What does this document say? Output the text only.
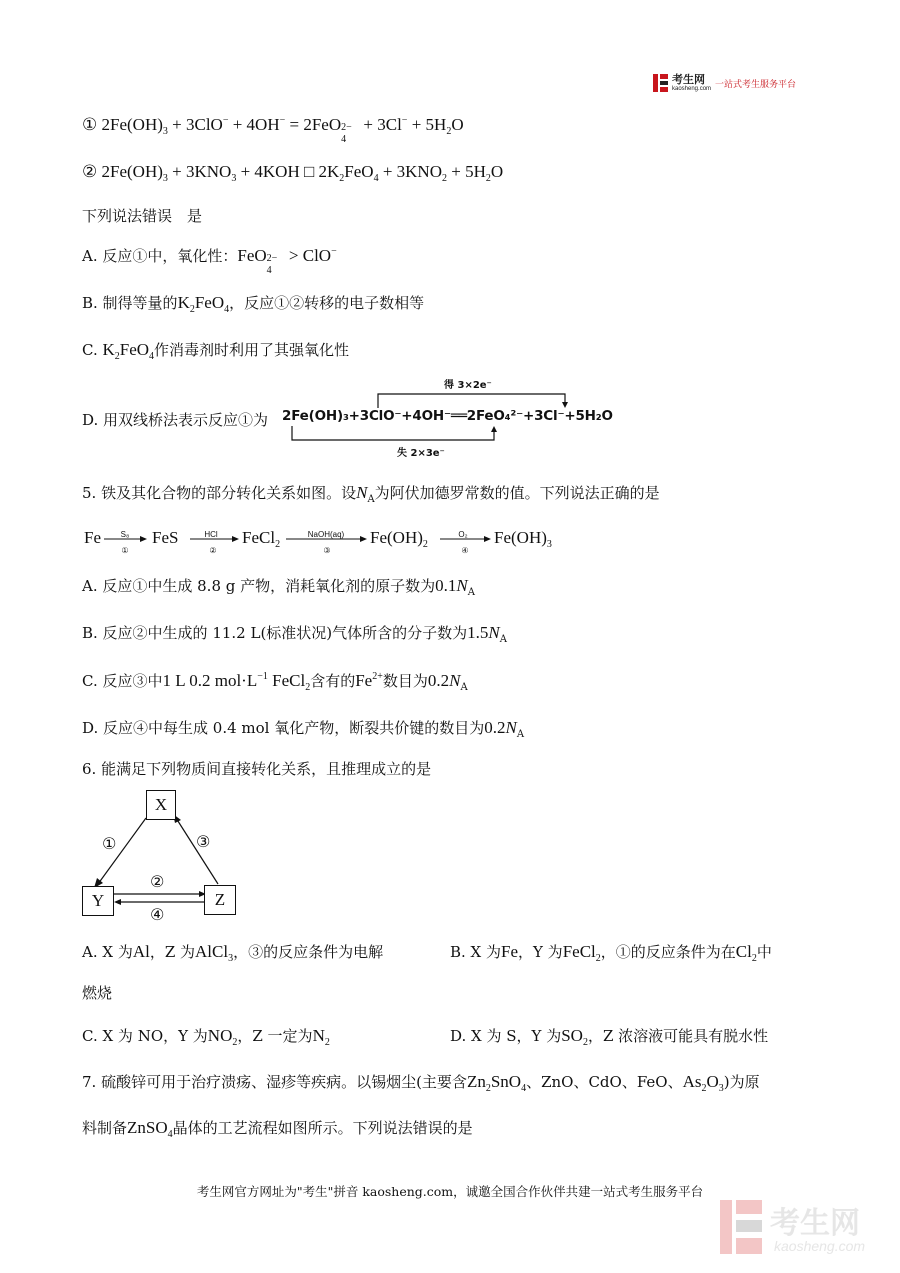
考生网
kaosheng.com 一站式考生服务平台
① $2Fe(OH)_3 + 3ClO^- + 4OH^- = 2FeO$ 2−
4
+ $3Cl^- + 5H_2O$
② $2Fe(OH)_3 + 3KNO_3 + 4KOH$ □ $2K_2FeO_4 + 3KNO_2 + 5H_2O$
下列说法错误　是
A. 反应①中，氧化性：FeO 2−
4
> ClO−
B. 制得等量的$K_2FeO_4$，反应①②转移的电子数相等
C. $K_2FeO_4$作消毒剂时利用了其强氧化性
D. 用双线桥法表示反应①为
得 3×2e⁻
2Fe(OH)₃+3ClO⁻+4OH⁻══2FeO₄²⁻+3Cl⁻+5H₂O
失 2×3e⁻
5. 铁及其化合物的部分转化关系如图。设$N_A$为阿伏加德罗常数的值。下列说法正确的是
Fe	S₈
①
FeS	HCl
②
FeCl$_2$
NaOH(aq)
③
$Fe(OH)_2$
O₂
④
$Fe(OH)_3$
A. 反应①中生成 8.8 g 产物，消耗氧化剂的原子数为$0.1N_A$
B. 反应②中生成的 11.2 L(标准状况)气体所含的分子数为$1.5N_A$
C. 反应③中1 L 0.2 $mol\cdot L^{-1}$ FeCl$_2$含有的$Fe^{2+}$数目为$0.2N_A$
D. 反应④中每生成 0.4 mol 氧化产物，断裂共价键的数目为$0.2N_A$
6. 能满足下列物质间直接转化关系，且推理成立的是
X
Y	Z
①	③
②
④
A. X 为Al，Z 为AlCl$_3$，③的反应条件为电解	B. X 为Fe，Y 为FeCl$_2$，①的反应条件为在$Cl_2$中
燃烧
C. X 为 NO，Y 为$NO_2$，Z 一定为$N_2$	D. X 为 S，Y 为$SO_2$，Z 浓溶液可能具有脱水性
7. 硫酸锌可用于治疗溃疡、湿疹等疾病。以锡烟尘(主要含$Zn_2SnO_4$、ZnO、CdO、FeO、$As_2O_3$)为原
料制备ZnSO$_4$晶体的工艺流程如图所示。下列说法错误的是
考生网官方网址为"考生"拼音 kaosheng.com，诚邀全国合作伙伴共建一站式考生服务平台
考生网
kaosheng.com
